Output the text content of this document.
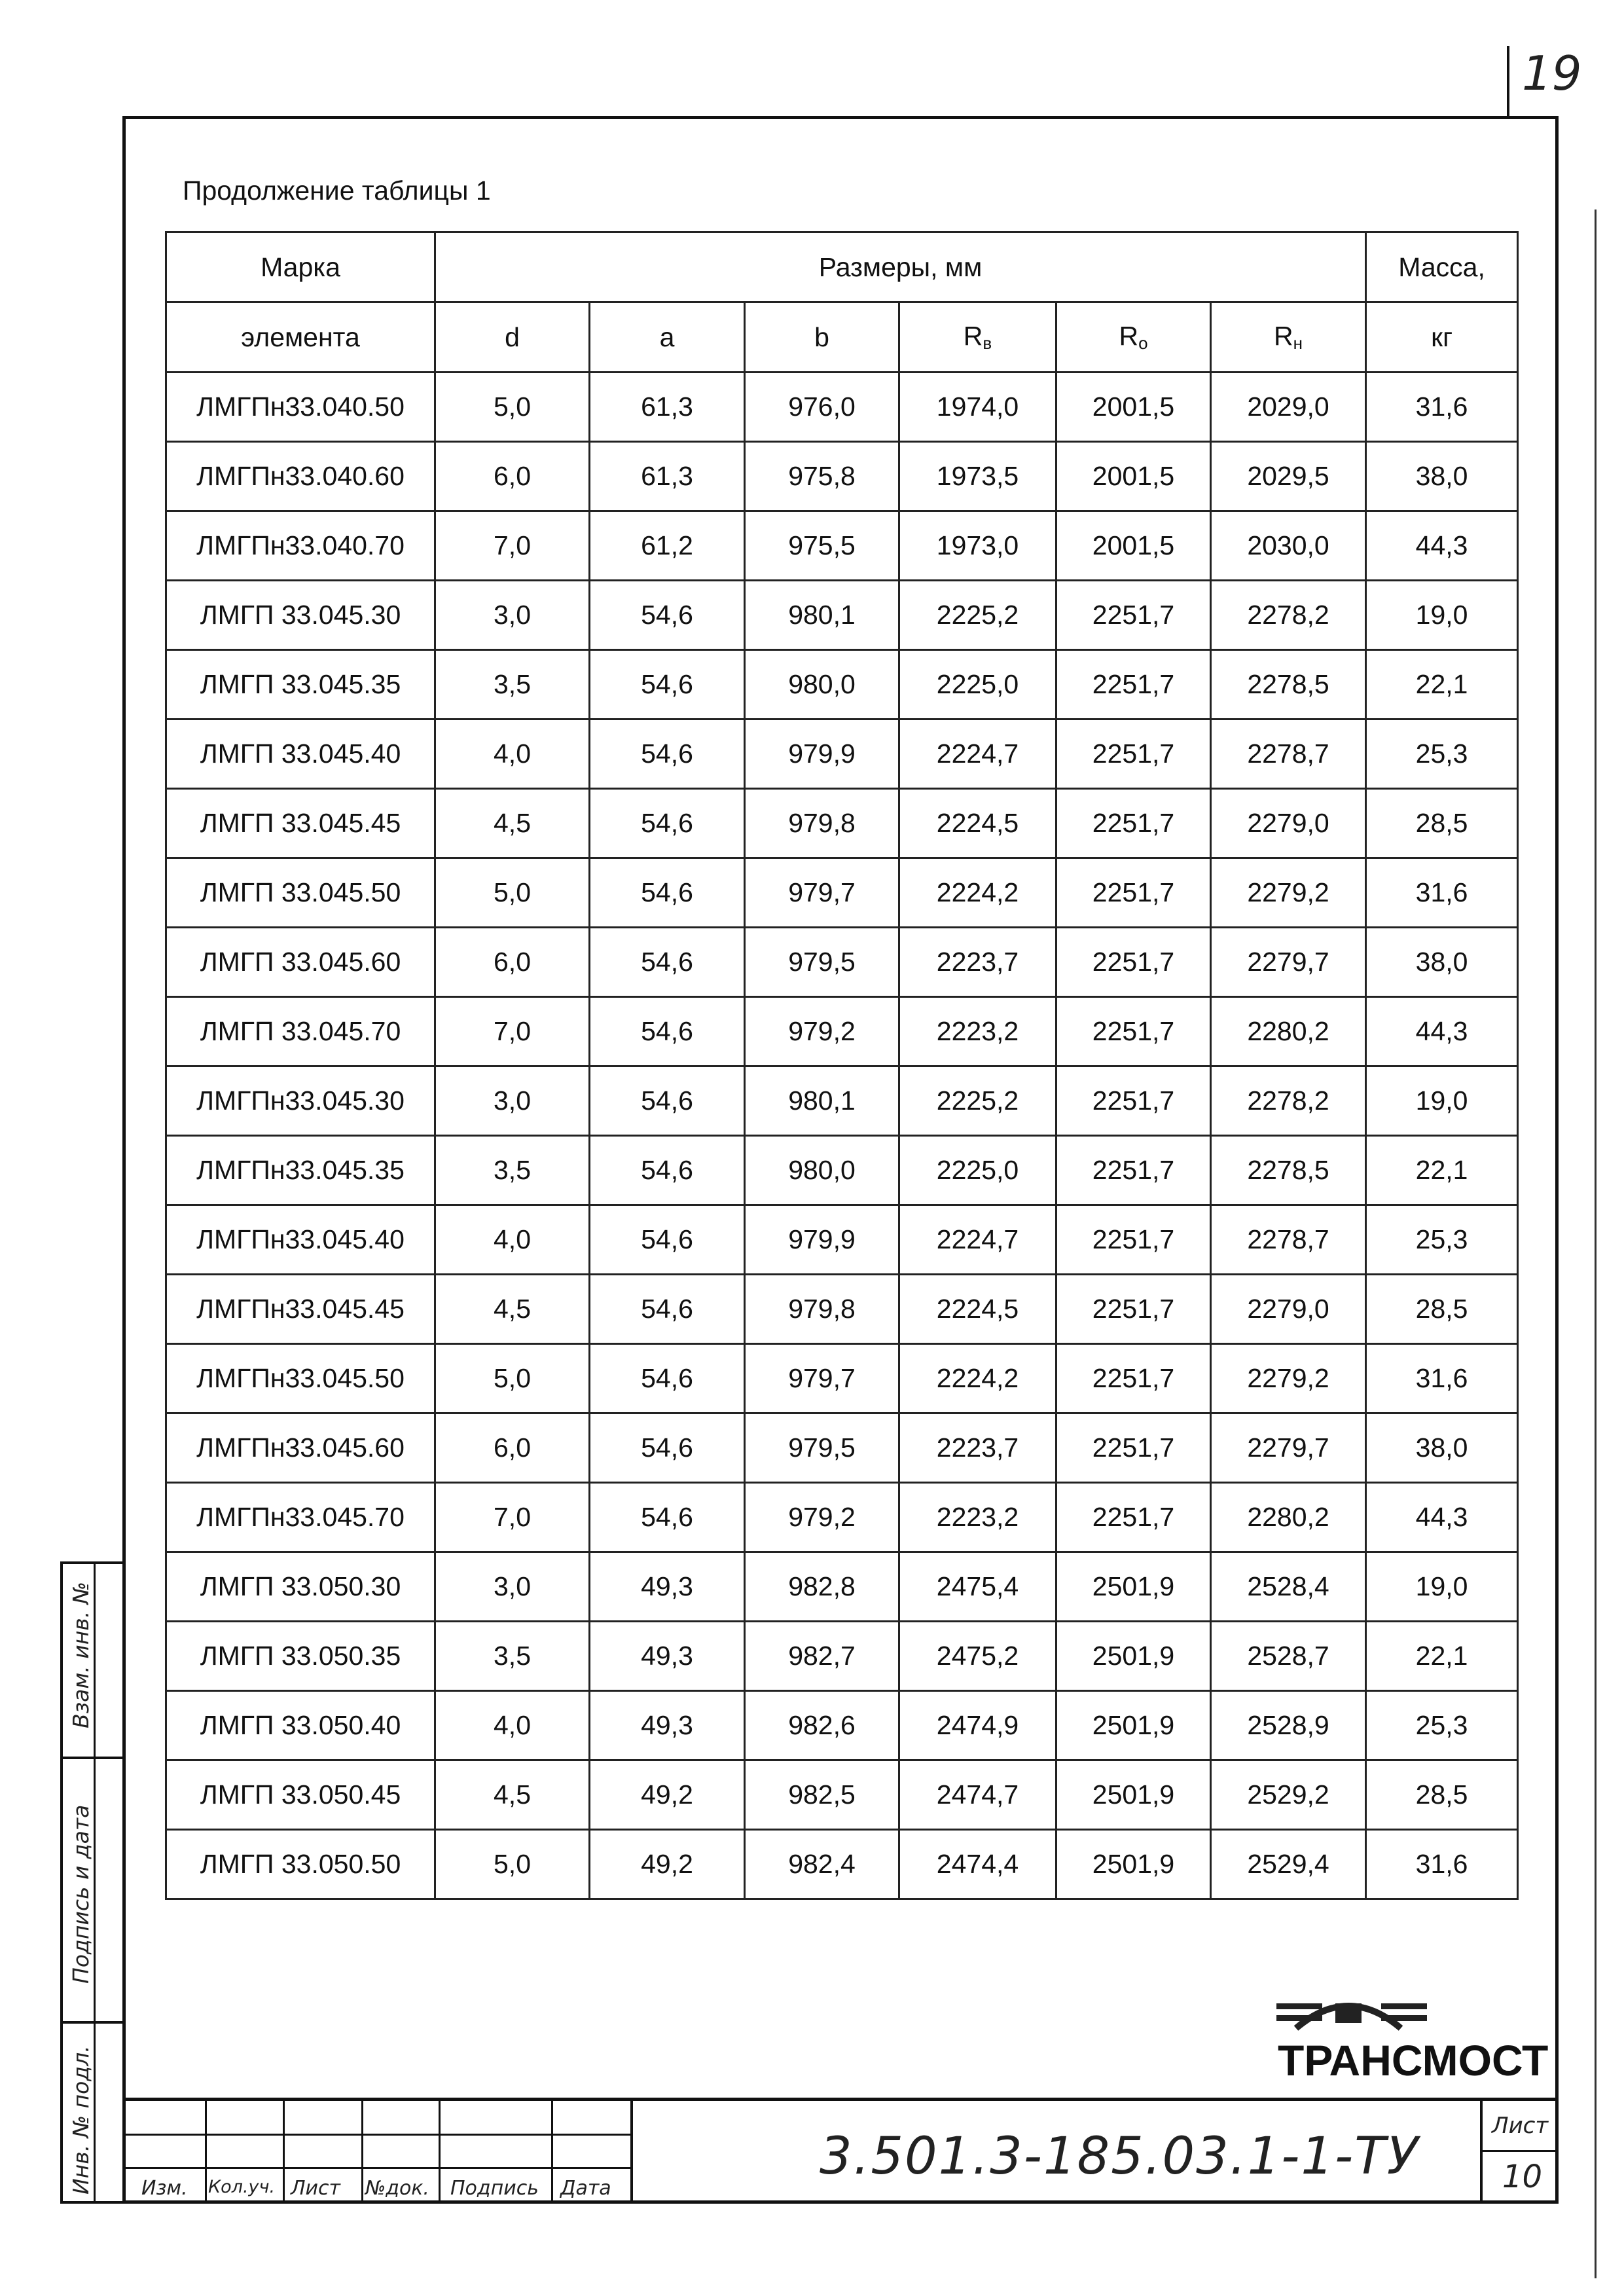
19
Взам. инв. №
Подпись и дата
Инв. № подл.
Продолжение таблицы 1
Марка	Размеры, мм						Масса,
элемента	d	a	b	$R_в$	$R_о$	$R_н$	кг
ЛМГПн33.040.50	5,0	61,3	976,0	1974,0	2001,5	2029,0	31,6
ЛМГПн33.040.60	6,0	61,3	975,8	1973,5	2001,5	2029,5	38,0
ЛМГПн33.040.70	7,0	61,2	975,5	1973,0	2001,5	2030,0	44,3
ЛМГП 33.045.30	3,0	54,6	980,1	2225,2	2251,7	2278,2	19,0
ЛМГП 33.045.35	3,5	54,6	980,0	2225,0	2251,7	2278,5	22,1
ЛМГП 33.045.40	4,0	54,6	979,9	2224,7	2251,7	2278,7	25,3
ЛМГП 33.045.45	4,5	54,6	979,8	2224,5	2251,7	2279,0	28,5
ЛМГП 33.045.50	5,0	54,6	979,7	2224,2	2251,7	2279,2	31,6
ЛМГП 33.045.60	6,0	54,6	979,5	2223,7	2251,7	2279,7	38,0
ЛМГП 33.045.70	7,0	54,6	979,2	2223,2	2251,7	2280,2	44,3
ЛМГПн33.045.30	3,0	54,6	980,1	2225,2	2251,7	2278,2	19,0
ЛМГПн33.045.35	3,5	54,6	980,0	2225,0	2251,7	2278,5	22,1
ЛМГПн33.045.40	4,0	54,6	979,9	2224,7	2251,7	2278,7	25,3
ЛМГПн33.045.45	4,5	54,6	979,8	2224,5	2251,7	2279,0	28,5
ЛМГПн33.045.50	5,0	54,6	979,7	2224,2	2251,7	2279,2	31,6
ЛМГПн33.045.60	6,0	54,6	979,5	2223,7	2251,7	2279,7	38,0
ЛМГПн33.045.70	7,0	54,6	979,2	2223,2	2251,7	2280,2	44,3
ЛМГП 33.050.30	3,0	49,3	982,8	2475,4	2501,9	2528,4	19,0
ЛМГП 33.050.35	3,5	49,3	982,7	2475,2	2501,9	2528,7	22,1
ЛМГП 33.050.40	4,0	49,3	982,6	2474,9	2501,9	2528,9	25,3
ЛМГП 33.050.45	4,5	49,2	982,5	2474,7	2501,9	2529,2	28,5
ЛМГП 33.050.50	5,0	49,2	982,4	2474,4	2501,9	2529,4	31,6
ТРАНСМОСТ
Изм. Кол.уч. Лист №док. Подпись Дата
3.501.3-185.03.1-1-ТУ
Лист
10
